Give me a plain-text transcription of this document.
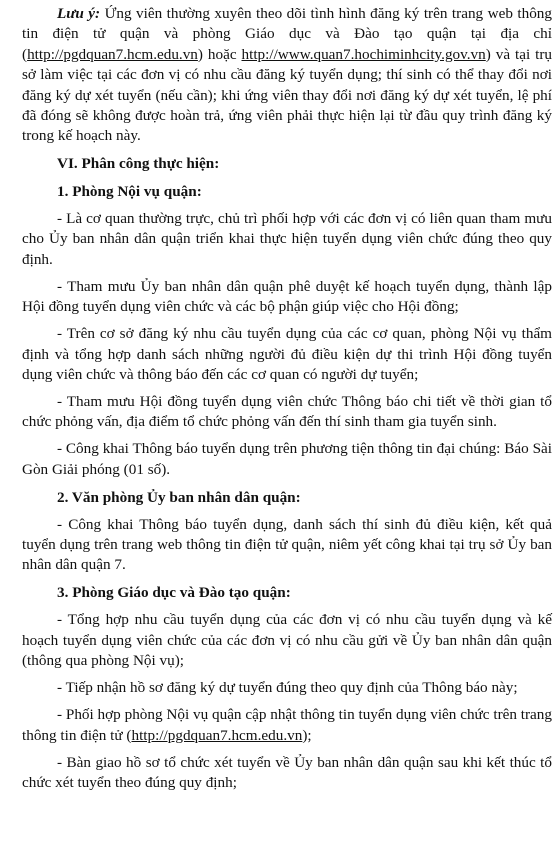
Lưu ý: Ứng viên thường xuyên theo dõi tình hình đăng ký trên trang web thông tin điện tử quận và phòng Giáo dục và Đào tạo quận tại địa chỉ (http://pgdquan7.hcm.edu.vn) hoặc http://www.quan7.hochiminhcity.gov.vn) và tại trụ sở làm việc tại các đơn vị có nhu cầu đăng ký tuyển dụng; thí sinh có thể thay đổi nơi đăng ký dự xét tuyển (nếu cần); khi ứng viên thay đổi nơi đăng ký dự xét tuyển, lệ phí đã đóng sẽ không được hoàn trả, ứng viên phải thực hiện lại từ đầu quy trình đăng ký trong kế hoạch này.

VI. Phân công thực hiện:

1. Phòng Nội vụ quận:

- Là cơ quan thường trực, chủ trì phối hợp với các đơn vị có liên quan tham mưu cho Ủy ban nhân dân quận triển khai thực hiện tuyển dụng viên chức đúng theo quy định.

- Tham mưu Ủy ban nhân dân quận phê duyệt kế hoạch tuyển dụng, thành lập Hội đồng tuyển dụng viên chức và các bộ phận giúp việc cho Hội đồng;

- Trên cơ sở đăng ký nhu cầu tuyển dụng của các cơ quan, phòng Nội vụ thẩm định và tổng hợp danh sách những người đủ điều kiện dự thi trình Hội đồng tuyển dụng viên chức và thông báo đến các cơ quan có người dự tuyển;

- Tham mưu Hội đồng tuyển dụng viên chức Thông báo chi tiết về thời gian tổ chức phỏng vấn, địa điểm tổ chức phỏng vấn đến thí sinh tham gia tuyển sinh.

- Công khai Thông báo tuyển dụng trên phương tiện thông tin đại chúng: Báo Sài Gòn Giải phóng (01 số).

2. Văn phòng Ủy ban nhân dân quận:

- Công khai Thông báo tuyển dụng, danh sách thí sinh đủ điều kiện, kết quả tuyển dụng trên trang web thông tin điện tử quận, niêm yết công khai tại trụ sở Ủy ban nhân dân quận 7.

3. Phòng Giáo dục và Đào tạo quận:

- Tổng hợp nhu cầu tuyển dụng của các đơn vị có nhu cầu tuyển dụng và kế hoạch tuyển dụng viên chức của các đơn vị có nhu cầu gửi về Ủy ban nhân dân quận (thông qua phòng Nội vụ);

- Tiếp nhận hồ sơ đăng ký dự tuyển đúng theo quy định của Thông báo này;

- Phối hợp phòng Nội vụ quận cập nhật thông tin tuyển dụng viên chức trên trang thông tin điện tử (http://pgdquan7.hcm.edu.vn);

- Bàn giao hồ sơ tổ chức xét tuyển về Ủy ban nhân dân quận sau khi kết thúc tổ chức xét tuyển theo đúng quy định;
